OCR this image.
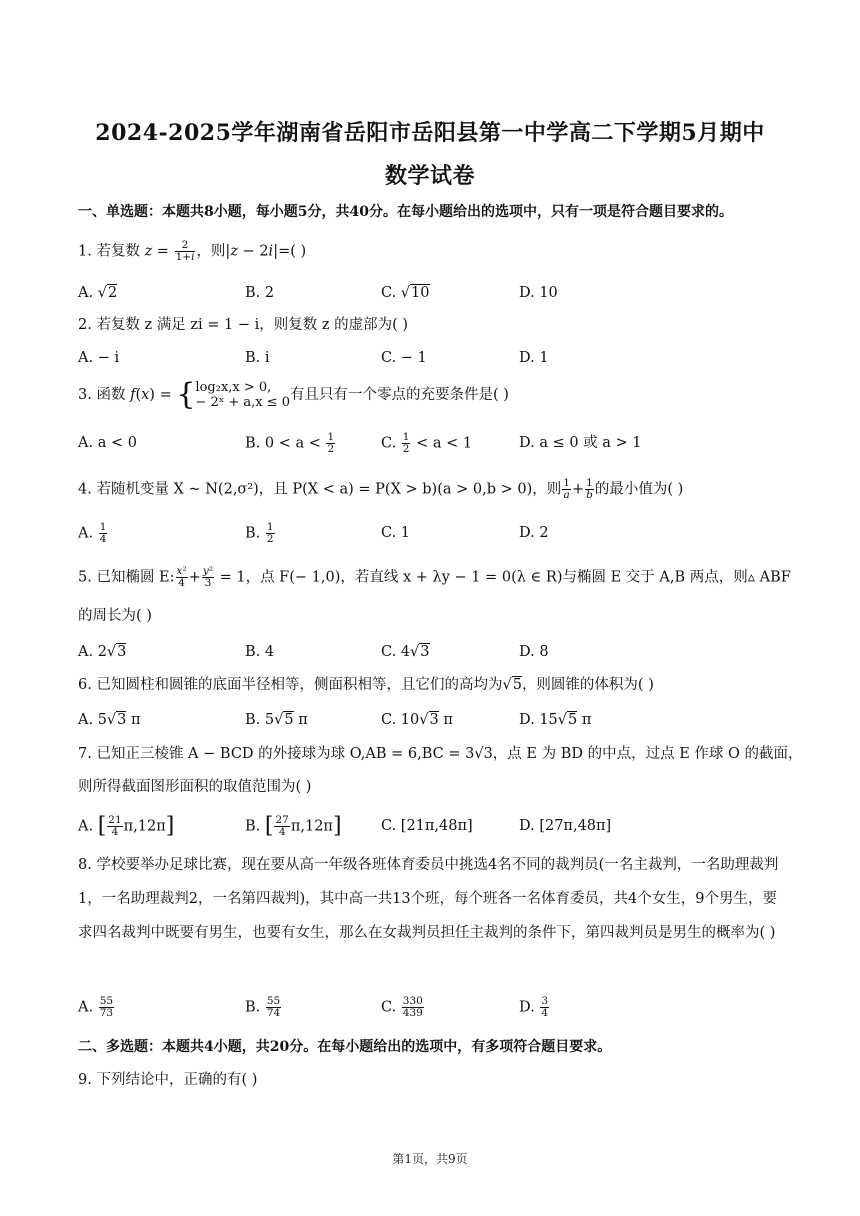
2024-2025学年湖南省岳阳市岳阳县第一中学高二下学期5月期中
数学试卷
一、单选题：本题共8小题，每小题5分，共40分。在每小题给出的选项中，只有一项是符合题目要求的。
1. 若复数 $z = \frac{2}{1+i}$ ，则|z − 2i|=( )
A. √2	B. 2	C. √10	D. 10
2. 若复数 z 满足 zi = 1 − i，则复数 z 的虚部为( )
A. − i	B. i	C. − 1	D. 1
3. 函数 f(x) = { log₂x,x > 0,
− 2ˣ + a,x ≤ 0 有且只有一个零点的充要条件是( )
A. a < 0	B. $0 < a < \frac{1}{2}$	C. $\frac{1}{2} < a < 1$	D. a ≤ 0 或 a > 1
4. 若随机变量 X ~ N(2,σ²)，且 P(X < a) = P(X > b)(a > 0,b > 0)，则 $\frac{1}{a} + \frac{1}{b}$ 的最小值为( )
A. $\frac{1}{4}$	B. $\frac{1}{2}$	C. 1	D. 2
5. 已知椭圆 E: $\frac{\text{x²}}{4} + \frac{\text{y²}}{3} = 1$，点 F(− 1,0)，若直线 x + λy − 1 = 0(λ ∈ R)与椭圆 E 交于 A,B 两点，则▵ ABF
的周长为( )
A. 2√3	B. 4	C. 4√3	D. 8
6. 已知圆柱和圆锥的底面半径相等，侧面积相等，且它们的高均为√5，则圆锥的体积为( )
A. 5√3 π	B. 5√5 π	C. 10√3 π	D. 15√5 π
7. 已知正三棱锥 A − BCD 的外接球为球 O,AB = 6,BC = 3√3，点 E 为 BD 的中点，过点 E 作球 O 的截面，
则所得截面图形面积的取值范围为( )
A. [ $\frac{21}{4} \pi,12\pi$]	B. [ $\frac{27}{4} \pi,12\pi$]	C. [21π,48π]	D. [27π,48π]
8. 学校要举办足球比赛，现在要从高一年级各班体育委员中挑选4名不同的裁判员(一名主裁判，一名助理裁判1，一名助理裁判2，一名第四裁判)，其中高一共13个班，每个班各一名体育委员，共4个女生，9个男生，要求四名裁判中既要有男生，也要有女生，那么在女裁判员担任主裁判的条件下，第四裁判员是男生的概率为( )
A. $\frac{55}{73}$	B. $\frac{55}{74}$	C. $\frac{330}{439}$	D. $\frac{3}{4}$
二、多选题：本题共4小题，共20分。在每小题给出的选项中，有多项符合题目要求。
9. 下列结论中，正确的有( )
第1页，共9页
